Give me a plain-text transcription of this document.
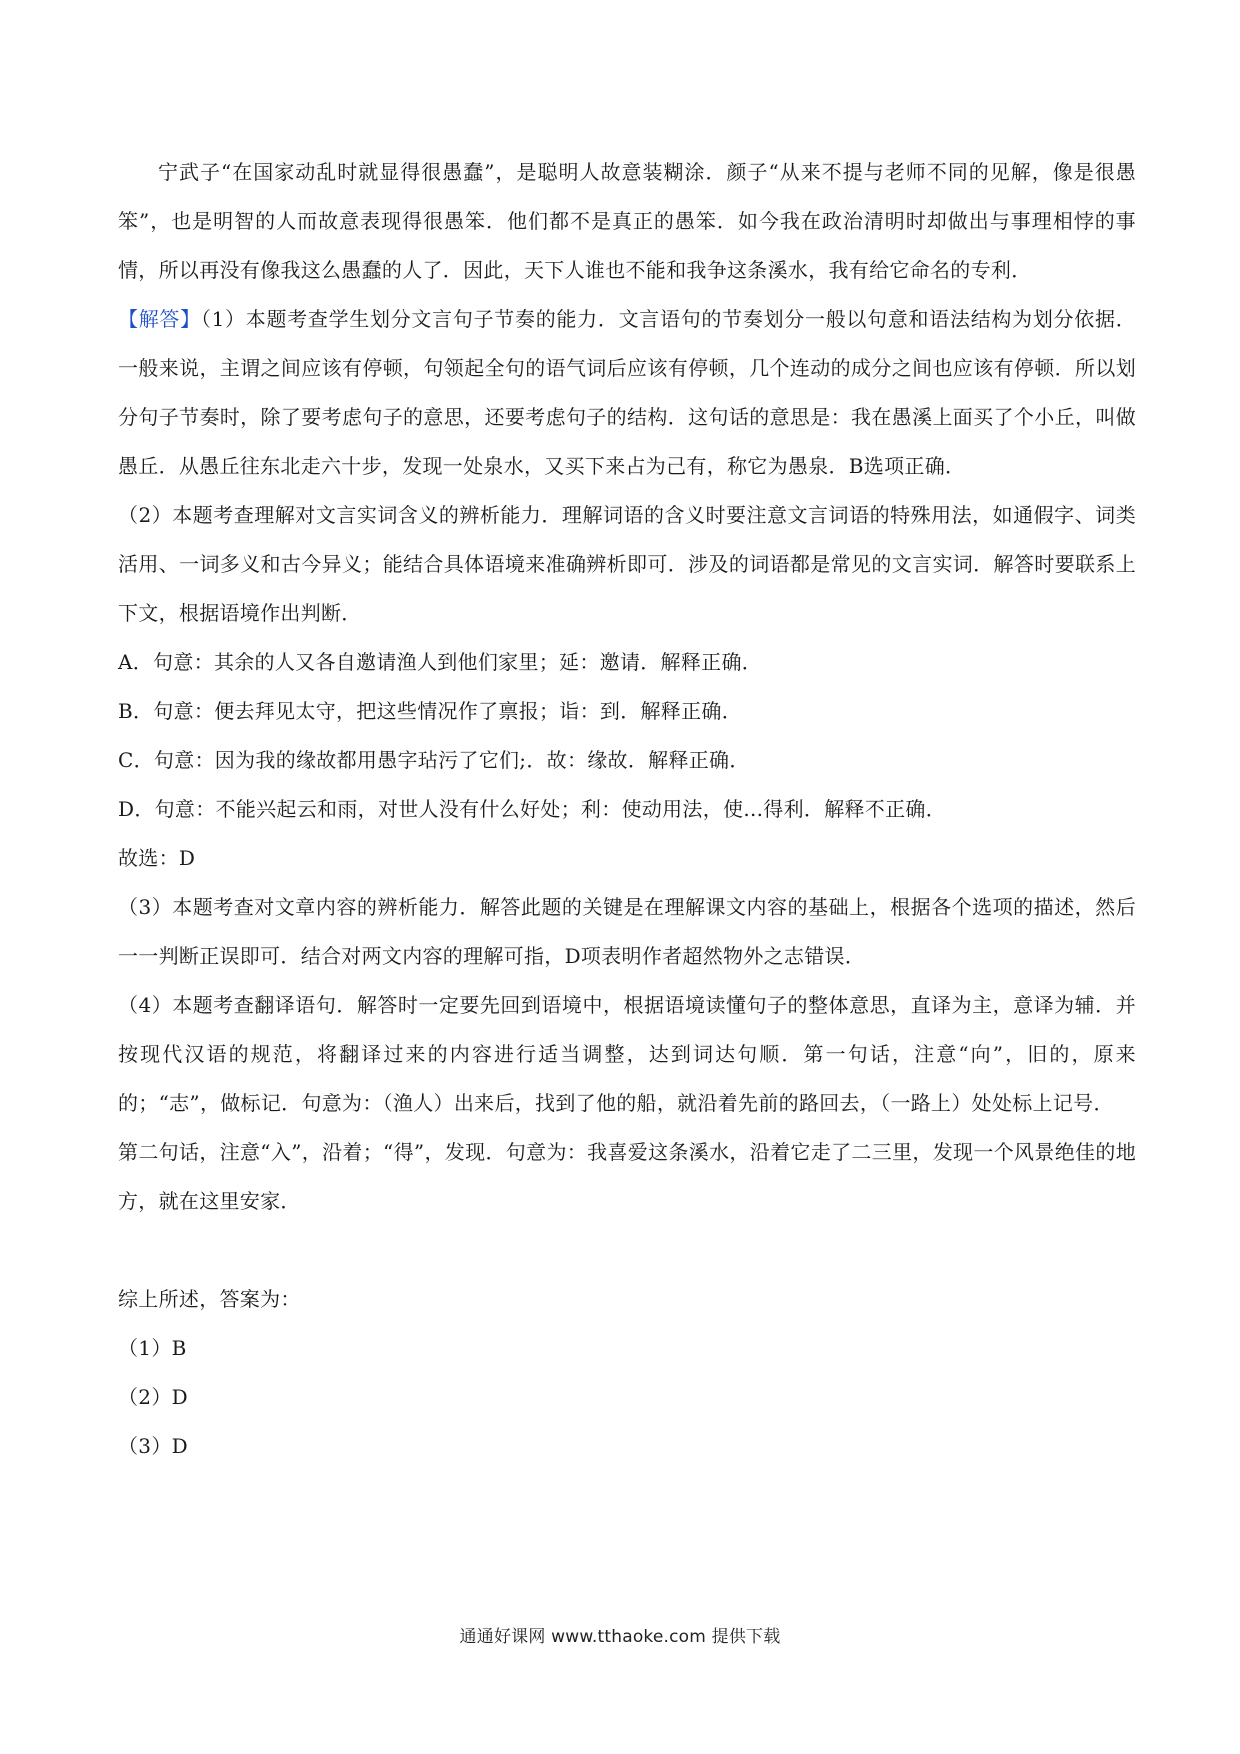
宁武子“在国家动乱时就显得很愚蠢”，是聪明人故意装糊涂．颜子“从来不提与老师不同的见解，像是很愚笨”，也是明智的人而故意表现得很愚笨．他们都不是真正的愚笨．如今我在政治清明时却做出与事理相悖的事情，所以再没有像我这么愚蠢的人了．因此，天下人谁也不能和我争这条溪水，我有给它命名的专利．

【解答】（1）本题考查学生划分文言句子节奏的能力．文言语句的节奏划分一般以句意和语法结构为划分依据．一般来说，主谓之间应该有停顿，句领起全句的语气词后应该有停顿，几个连动的成分之间也应该有停顿．所以划分句子节奏时，除了要考虑句子的意思，还要考虑句子的结构．这句话的意思是：我在愚溪上面买了个小丘，叫做愚丘．从愚丘往东北走六十步，发现一处泉水，又买下来占为己有，称它为愚泉．B选项正确．

（2）本题考查理解对文言实词含义的辨析能力．理解词语的含义时要注意文言词语的特殊用法，如通假字、词类活用、一词多义和古今异义；能结合具体语境来准确辨析即可．涉及的词语都是常见的文言实词．解答时要联系上下文，根据语境作出判断．

A．句意：其余的人又各自邀请渔人到他们家里；延：邀请．解释正确．

B．句意：便去拜见太守，把这些情况作了禀报；诣：到．解释正确．

C．句意：因为我的缘故都用愚字玷污了它们;．故：缘故．解释正确．

D．句意：不能兴起云和雨，对世人没有什么好处；利：使动用法，使...得利．解释不正确．

故选：D

（3）本题考查对文章内容的辨析能力．解答此题的关键是在理解课文内容的基础上，根据各个选项的描述，然后一一判断正误即可．结合对两文内容的理解可指，D项表明作者超然物外之志错误．

（4）本题考查翻译语句．解答时一定要先回到语境中，根据语境读懂句子的整体意思，直译为主，意译为辅．并按现代汉语的规范，将翻译过来的内容进行适当调整，达到词达句顺．第一句话，注意“向”，旧的，原来的；“志”，做标记．句意为：（渔人）出来后，找到了他的船，就沿着先前的路回去，（一路上）处处标上记号．

第二句话，注意“入”，沿着；“得”，发现．句意为：我喜爱这条溪水，沿着它走了二三里，发现一个风景绝佳的地方，就在这里安家．

综上所述，答案为：

（1）B

（2）D

（3）D

通通好课网 www.tthaoke.com 提供下载
